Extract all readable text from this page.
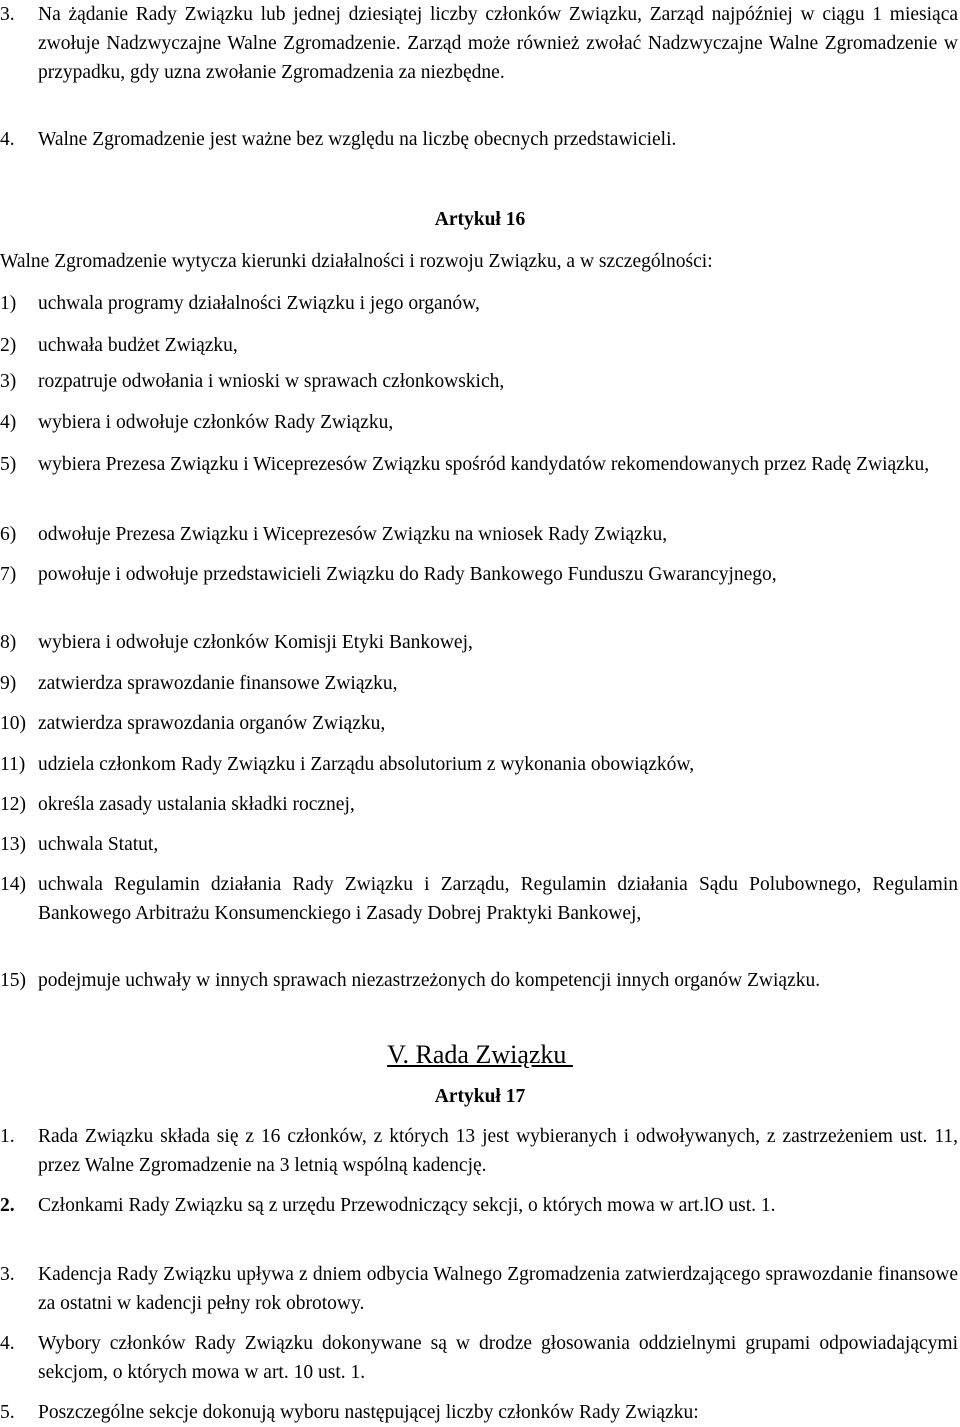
3. Na żądanie Rady Związku lub jednej dziesiątej liczby członków Związku, Zarząd najpóźniej w ciągu 1 miesiąca zwołuje Nadzwyczajne Walne Zgromadzenie. Zarząd może również zwołać Nadzwyczajne Walne Zgromadzenie w przypadku, gdy uzna zwołanie Zgromadzenia za niezbędne.
4. Walne Zgromadzenie jest ważne bez względu na liczbę obecnych przedstawicieli.
Artykuł 16
Walne Zgromadzenie wytycza kierunki działalności i rozwoju Związku, a w szczególności:
1) uchwala programy działalności Związku i jego organów,
2) uchwała budżet Związku,
3) rozpatruje odwołania i wnioski w sprawach członkowskich,
4) wybiera i odwołuje członków Rady Związku,
5) wybiera Prezesa Związku i Wiceprezesów Związku spośród kandydatów rekomendowanych przez Radę Związku,
6) odwołuje Prezesa Związku i Wiceprezesów Związku na wniosek Rady Związku,
7) powołuje i odwołuje przedstawicieli Związku do Rady Bankowego Funduszu Gwarancyjnego,
8) wybiera i odwołuje członków Komisji Etyki Bankowej,
9) zatwierdza sprawozdanie finansowe Związku,
10) zatwierdza sprawozdania organów Związku,
11) udziela członkom Rady Związku i Zarządu absolutorium z wykonania obowiązków,
12) określa zasady ustalania składki rocznej,
13) uchwala Statut,
14) uchwala Regulamin działania Rady Związku i Zarządu, Regulamin działania Sądu Polubownego, Regulamin Bankowego Arbitrażu Konsumenckiego i Zasady Dobrej Praktyki Bankowej,
15) podejmuje uchwały w innych sprawach niezastrzeżonych do kompetencji innych organów Związku.
V. Rada Związku
Artykuł 17
1. Rada Związku składa się z 16 członków, z których 13 jest wybieranych i odwoływanych, z zastrzeżeniem ust. 11, przez Walne Zgromadzenie na 3 letnią wspólną kadencję.
2. Członkami Rady Związku są z urzędu Przewodniczący sekcji, o których mowa w art.lO ust. 1.
3. Kadencja Rady Związku upływa z dniem odbycia Walnego Zgromadzenia zatwierdzającego sprawozdanie finansowe za ostatni w kadencji pełny rok obrotowy.
4. Wybory członków Rady Związku dokonywane są w drodze głosowania oddzielnymi grupami odpowiadającymi sekcjom, o których mowa w art. 10 ust. 1.
5. Poszczególne sekcje dokonują wyboru następującej liczby członków Rady Związku:
